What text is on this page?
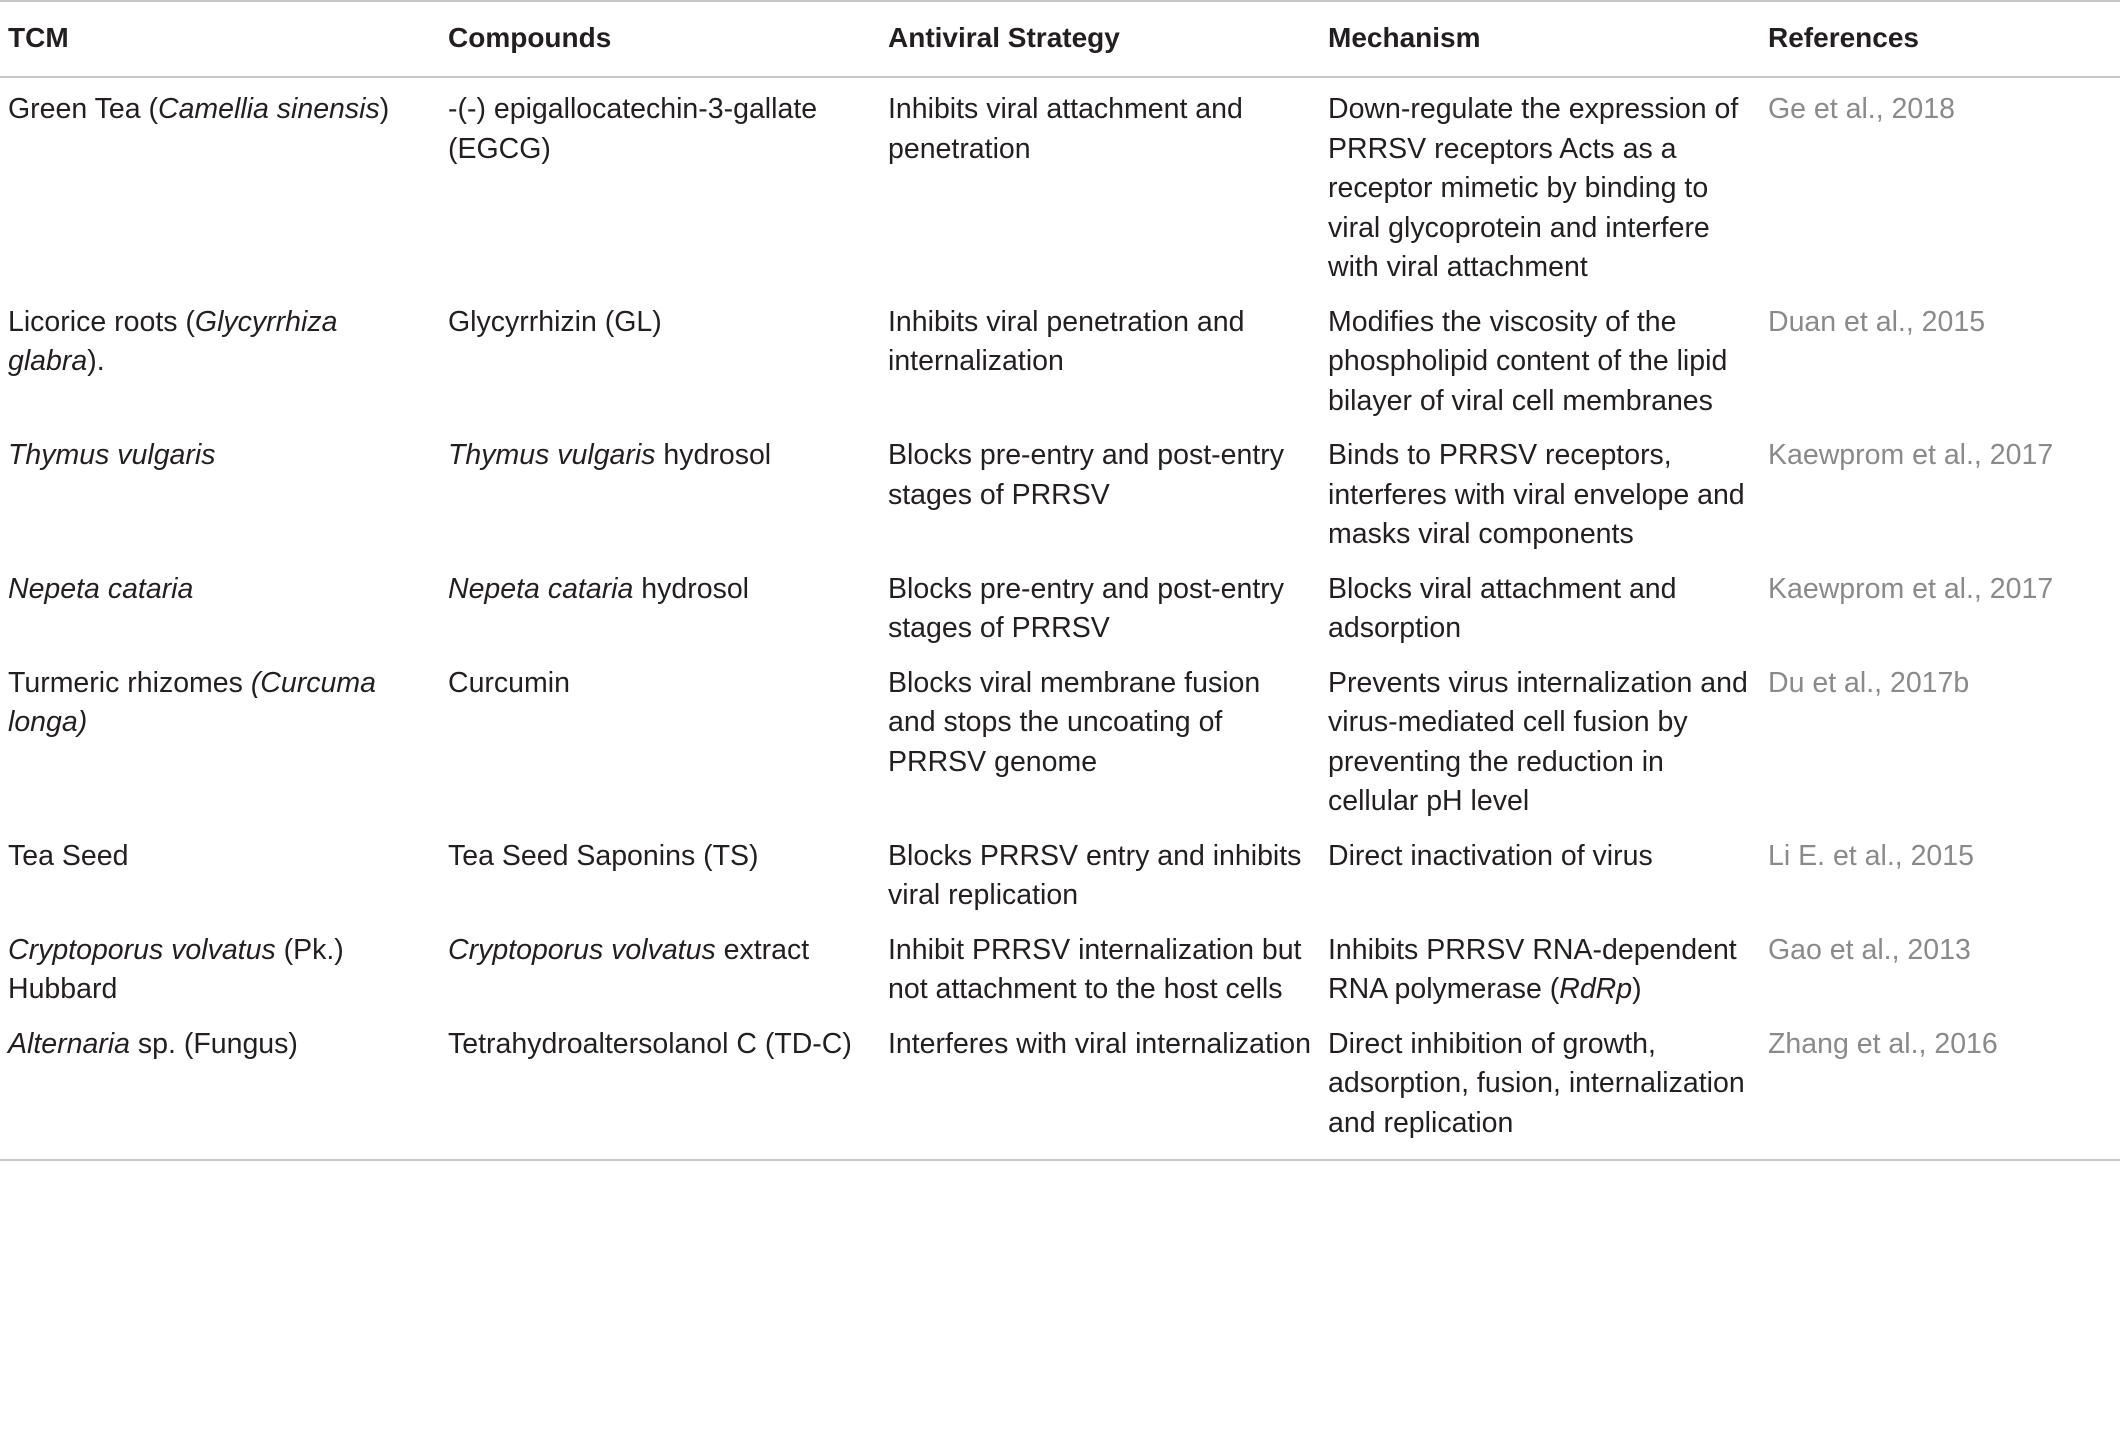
TCM	Compounds	Antiviral Strategy	Mechanism	References
Green Tea (Camellia sinensis)	-(-) epigallocatechin-3-gallate (EGCG)	Inhibits viral attachment and penetration	Down-regulate the expression of PRRSV receptors Acts as a receptor mimetic by binding to viral glycoprotein and interfere with viral attachment	Ge et al., 2018
Licorice roots (Glycyrrhiza glabra).	Glycyrrhizin (GL)	Inhibits viral penetration and internalization	Modifies the viscosity of the phospholipid content of the lipid bilayer of viral cell membranes	Duan et al., 2015
Thymus vulgaris	Thymus vulgaris hydrosol	Blocks pre-entry and post-entry stages of PRRSV	Binds to PRRSV receptors, interferes with viral envelope and masks viral components	Kaewprom et al., 2017
Nepeta cataria	Nepeta cataria hydrosol	Blocks pre-entry and post-entry stages of PRRSV	Blocks viral attachment and adsorption	Kaewprom et al., 2017
Turmeric rhizomes (Curcuma longa)	Curcumin	Blocks viral membrane fusion and stops the uncoating of PRRSV genome	Prevents virus internalization and virus-mediated cell fusion by preventing the reduction in cellular pH level	Du et al., 2017b
Tea Seed	Tea Seed Saponins (TS)	Blocks PRRSV entry and inhibits viral replication	Direct inactivation of virus	Li E. et al., 2015
Cryptoporus volvatus (Pk.) Hubbard	Cryptoporus volvatus extract	Inhibit PRRSV internalization but not attachment to the host cells	Inhibits PRRSV RNA-dependent RNA polymerase (RdRp)	Gao et al., 2013
Alternaria sp. (Fungus)	Tetrahydroaltersolanol C (TD-C)	Interferes with viral internalization	Direct inhibition of growth, adsorption, fusion, internalization and replication	Zhang et al., 2016
